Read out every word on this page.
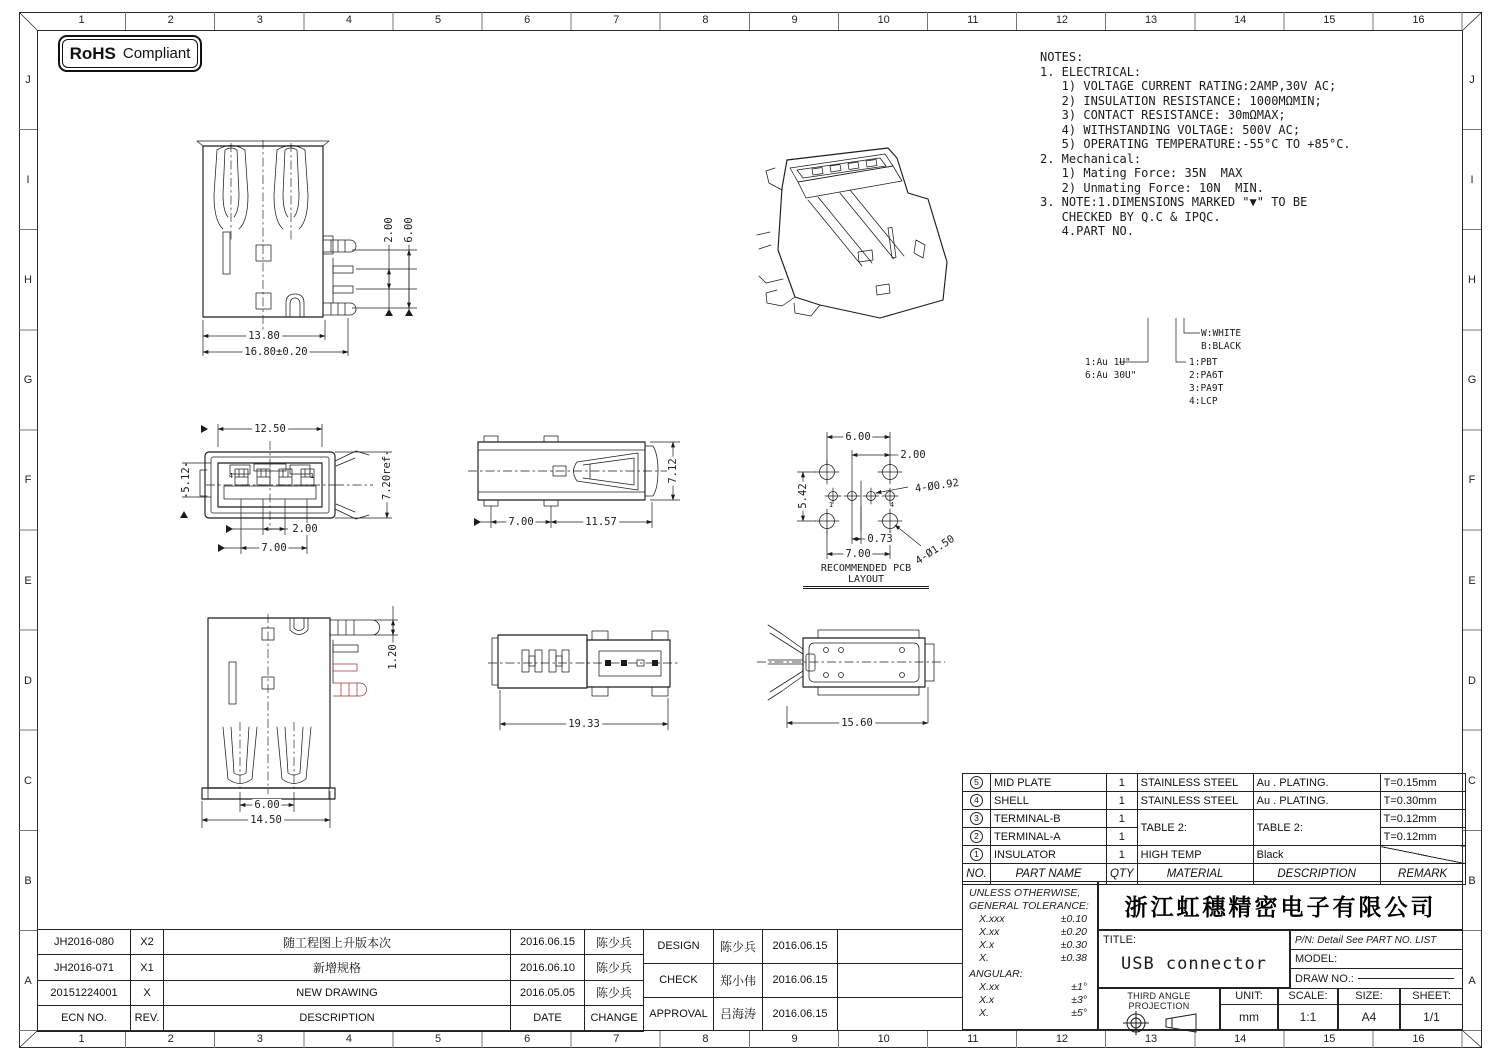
1	2	3	4	5	6	7	8	9	10	11	12	13	14	15	16
1	2	3	4	5	6	7	8	9	10	11	12	13	14	15	16
J
I
H
G
F
E
D
C
B
A
J
I
H
G
F
E
D
C
B
A
RoHS Compliant	NOTES:
1. ELECTRICAL:
1) VOLTAGE CURRENT RATING:2AMP,30V AC;
2) INSULATION RESISTANCE: 1000MΩMIN;
3) CONTACT RESISTANCE: 30mΩMAX;
4) WITHSTANDING VOLTAGE: 500V AC;
5) OPERATING TEMPERATURE:-55°C TO +85°C.
2. Mechanical:
1) Mating Force: 35N  MAX
2) Unmating Force: 10N  MIN.
3. NOTE:1.DIMENSIONS MARKED "▼" TO BE
CHECKED BY Q.C & IPQC.
4.PART NO.
1:Au 1U"
6:Au 30U"
W:WHITE
B:BLACK
1:PBT
2:PA6T
3:PA9T
4:LCP
13.80
16.80±0.20
2.00 6.00
12.50
5.12	7.20ref
2.00
7.00
4	1
7.00	11.57
7.12
6.00
2.00
5.42	4-Ø0.92
4-Ø1.50
0.73
7.00
1	4
RECOMMENDED PCB LAYOUT
1.20
6.00
14.50
19.33	15.60
5	MID PLATE	1	STAINLESS STEEL	Au . PLATING.	T=0.15mm
4	SHELL	1	STAINLESS STEEL	Au . PLATING.	T=0.30mm
3	TERMINAL-B	1	TABLE 2:	TABLE 2:	T=0.12mm
2	TERMINAL-A	1			T=0.12mm
1	INSULATOR	1	HIGH TEMP	Black	
NO.	PART NAME	QTY	MATERIAL	DESCRIPTION	REMARK
UNLESS OTHERWISE,
GENERAL TOLERANCE:
X.xxx	±0.10
X.xx	±0.20
X.x	±0.30
X.	±0.38
ANGULAR:
X.xx	±1°
X.x	±3°
X.	±5°
浙江虹穗精密电子有限公司
TITLE:
USB connector
P/N: Detail See PART NO. LIST
MODEL:
DRAW NO.:
THIRD ANGLE PROJECTION
UNIT:
mm
SCALE:
1:1
SIZE:
A4
SHEET:
1/1
JH2016-080	X2	随工程图上升版本次	2016.06.15	陈少兵
JH2016-071	X1	新增规格	2016.06.10	陈少兵
20151224001	X	NEW DRAWING	2016.05.05	陈少兵
ECN NO.	REV.	DESCRIPTION	DATE	CHANGE
DESIGN	陈少兵	2016.06.15	
CHECK	郑小伟	2016.06.15	
APPROVAL	吕海涛	2016.06.15	
